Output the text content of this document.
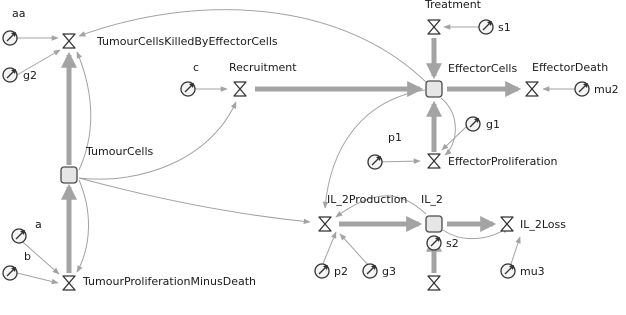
TumourCellsKilledByEffectorCells
TumourProliferationMinusDeath
Recruitment
Treatment
EffectorDeath
EffectorProliferation
IL_2Production
IL_2Loss
TumourCells
EffectorCells
IL_2
aa
g2
c
a
b
s1
mu2
g1
p1
p2	g3
s2
mu3
